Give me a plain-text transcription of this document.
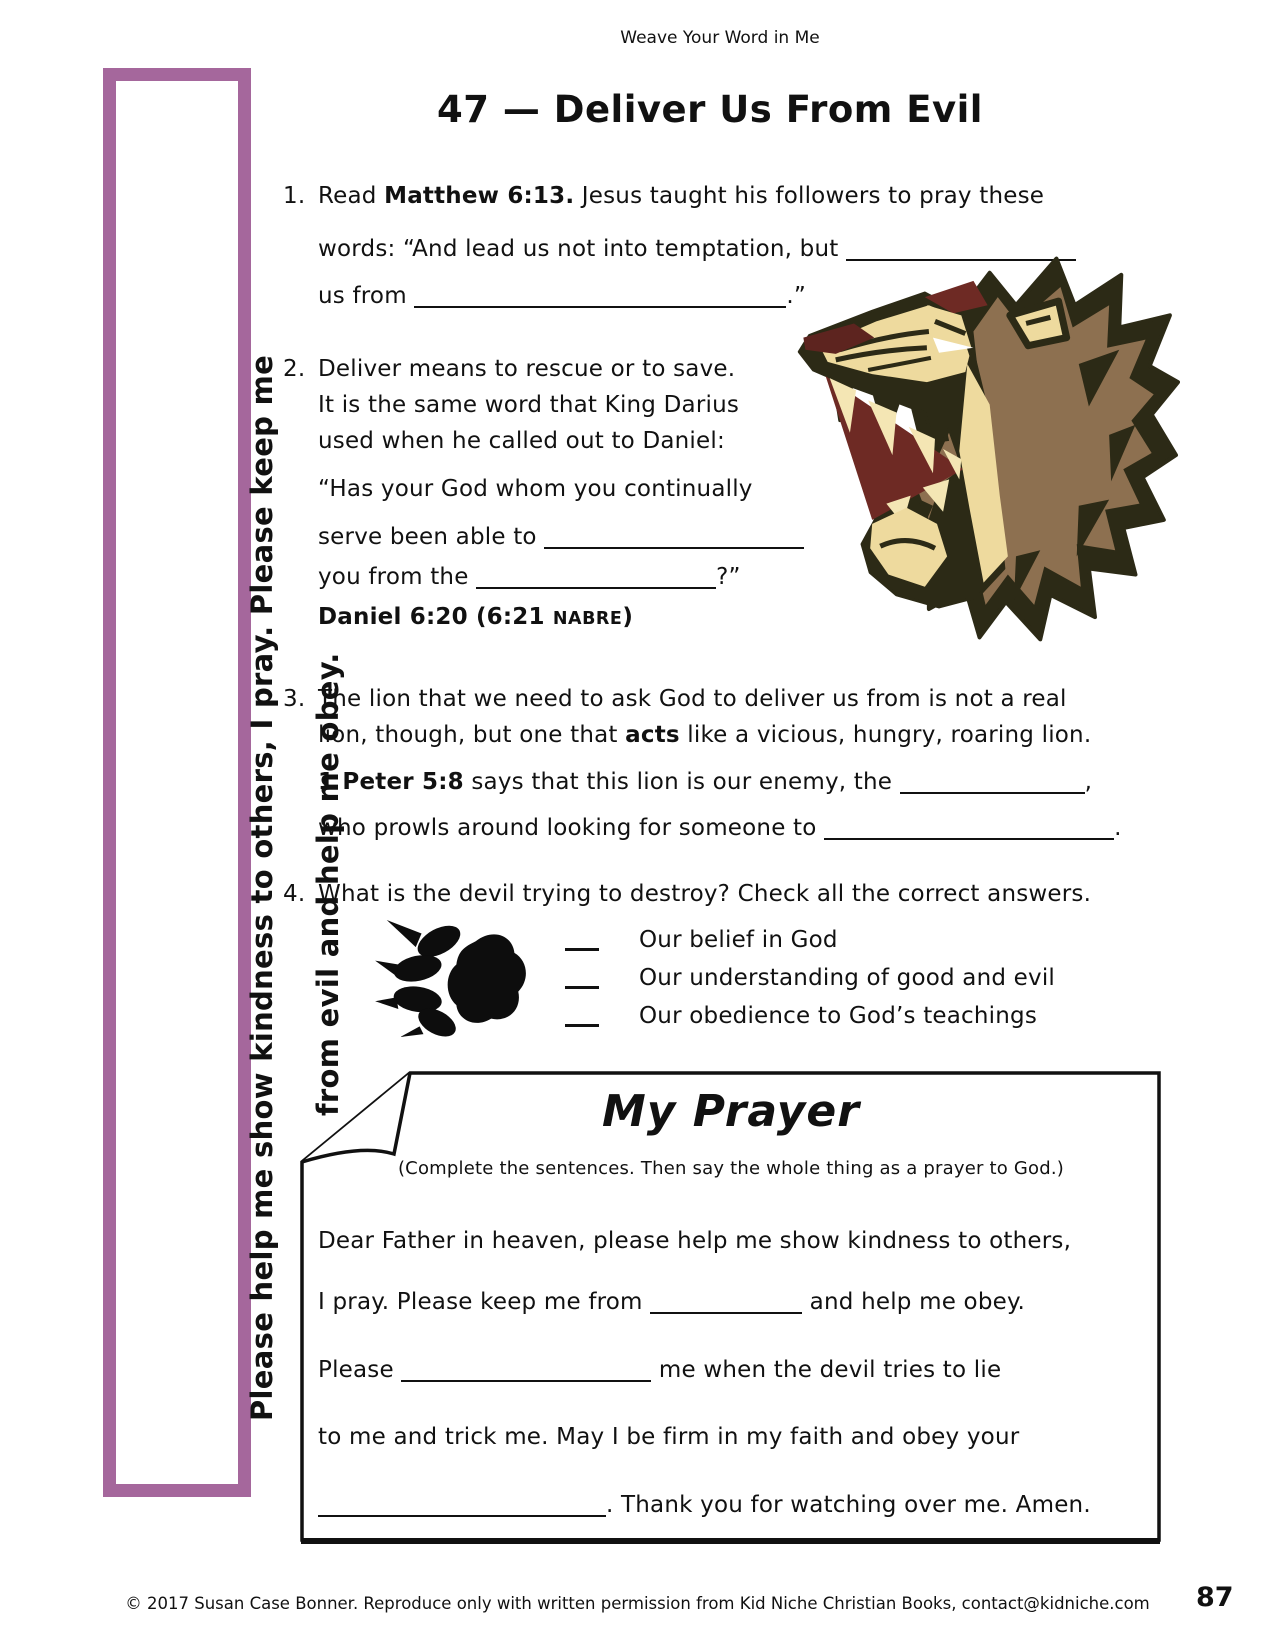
Weave Your Word in Me
47 — Deliver Us From Evil
Please help me show kindness to others, I pray. Please keep me from evil and help me obey.
1. Read Matthew 6:13. Jesus taught his followers to pray these
words: “And lead us not into temptation, but
us from	.”
2. Deliver means to rescue or to save.
It is the same word that King Darius
used when he called out to Daniel:
“Has your God whom you continually
serve been able to
you from the	?”
Daniel 6:20 (6:21 NABRE)
3. The lion that we need to ask God to deliver us from is not a real
lion, though, but one that acts like a vicious, hungry, roaring lion.
1 Peter 5:8 says that this lion is our enemy, the	,
who prowls around looking for someone to	.
4. What is the devil trying to destroy? Check all the correct answers.
Our belief in God
Our understanding of good and evil
Our obedience to God’s teachings
My Prayer
(Complete the sentences. Then say the whole thing as a prayer to God.)
Dear Father in heaven, please help me show kindness to others,
I pray. Please keep me from	and help me obey.
Please	me when the devil tries to lie
to me and trick me. May I be firm in my faith and obey your
. Thank you for watching over me. Amen.
© 2017 Susan Case Bonner. Reproduce only with written permission from Kid Niche Christian Books, contact@kidniche.com	87
